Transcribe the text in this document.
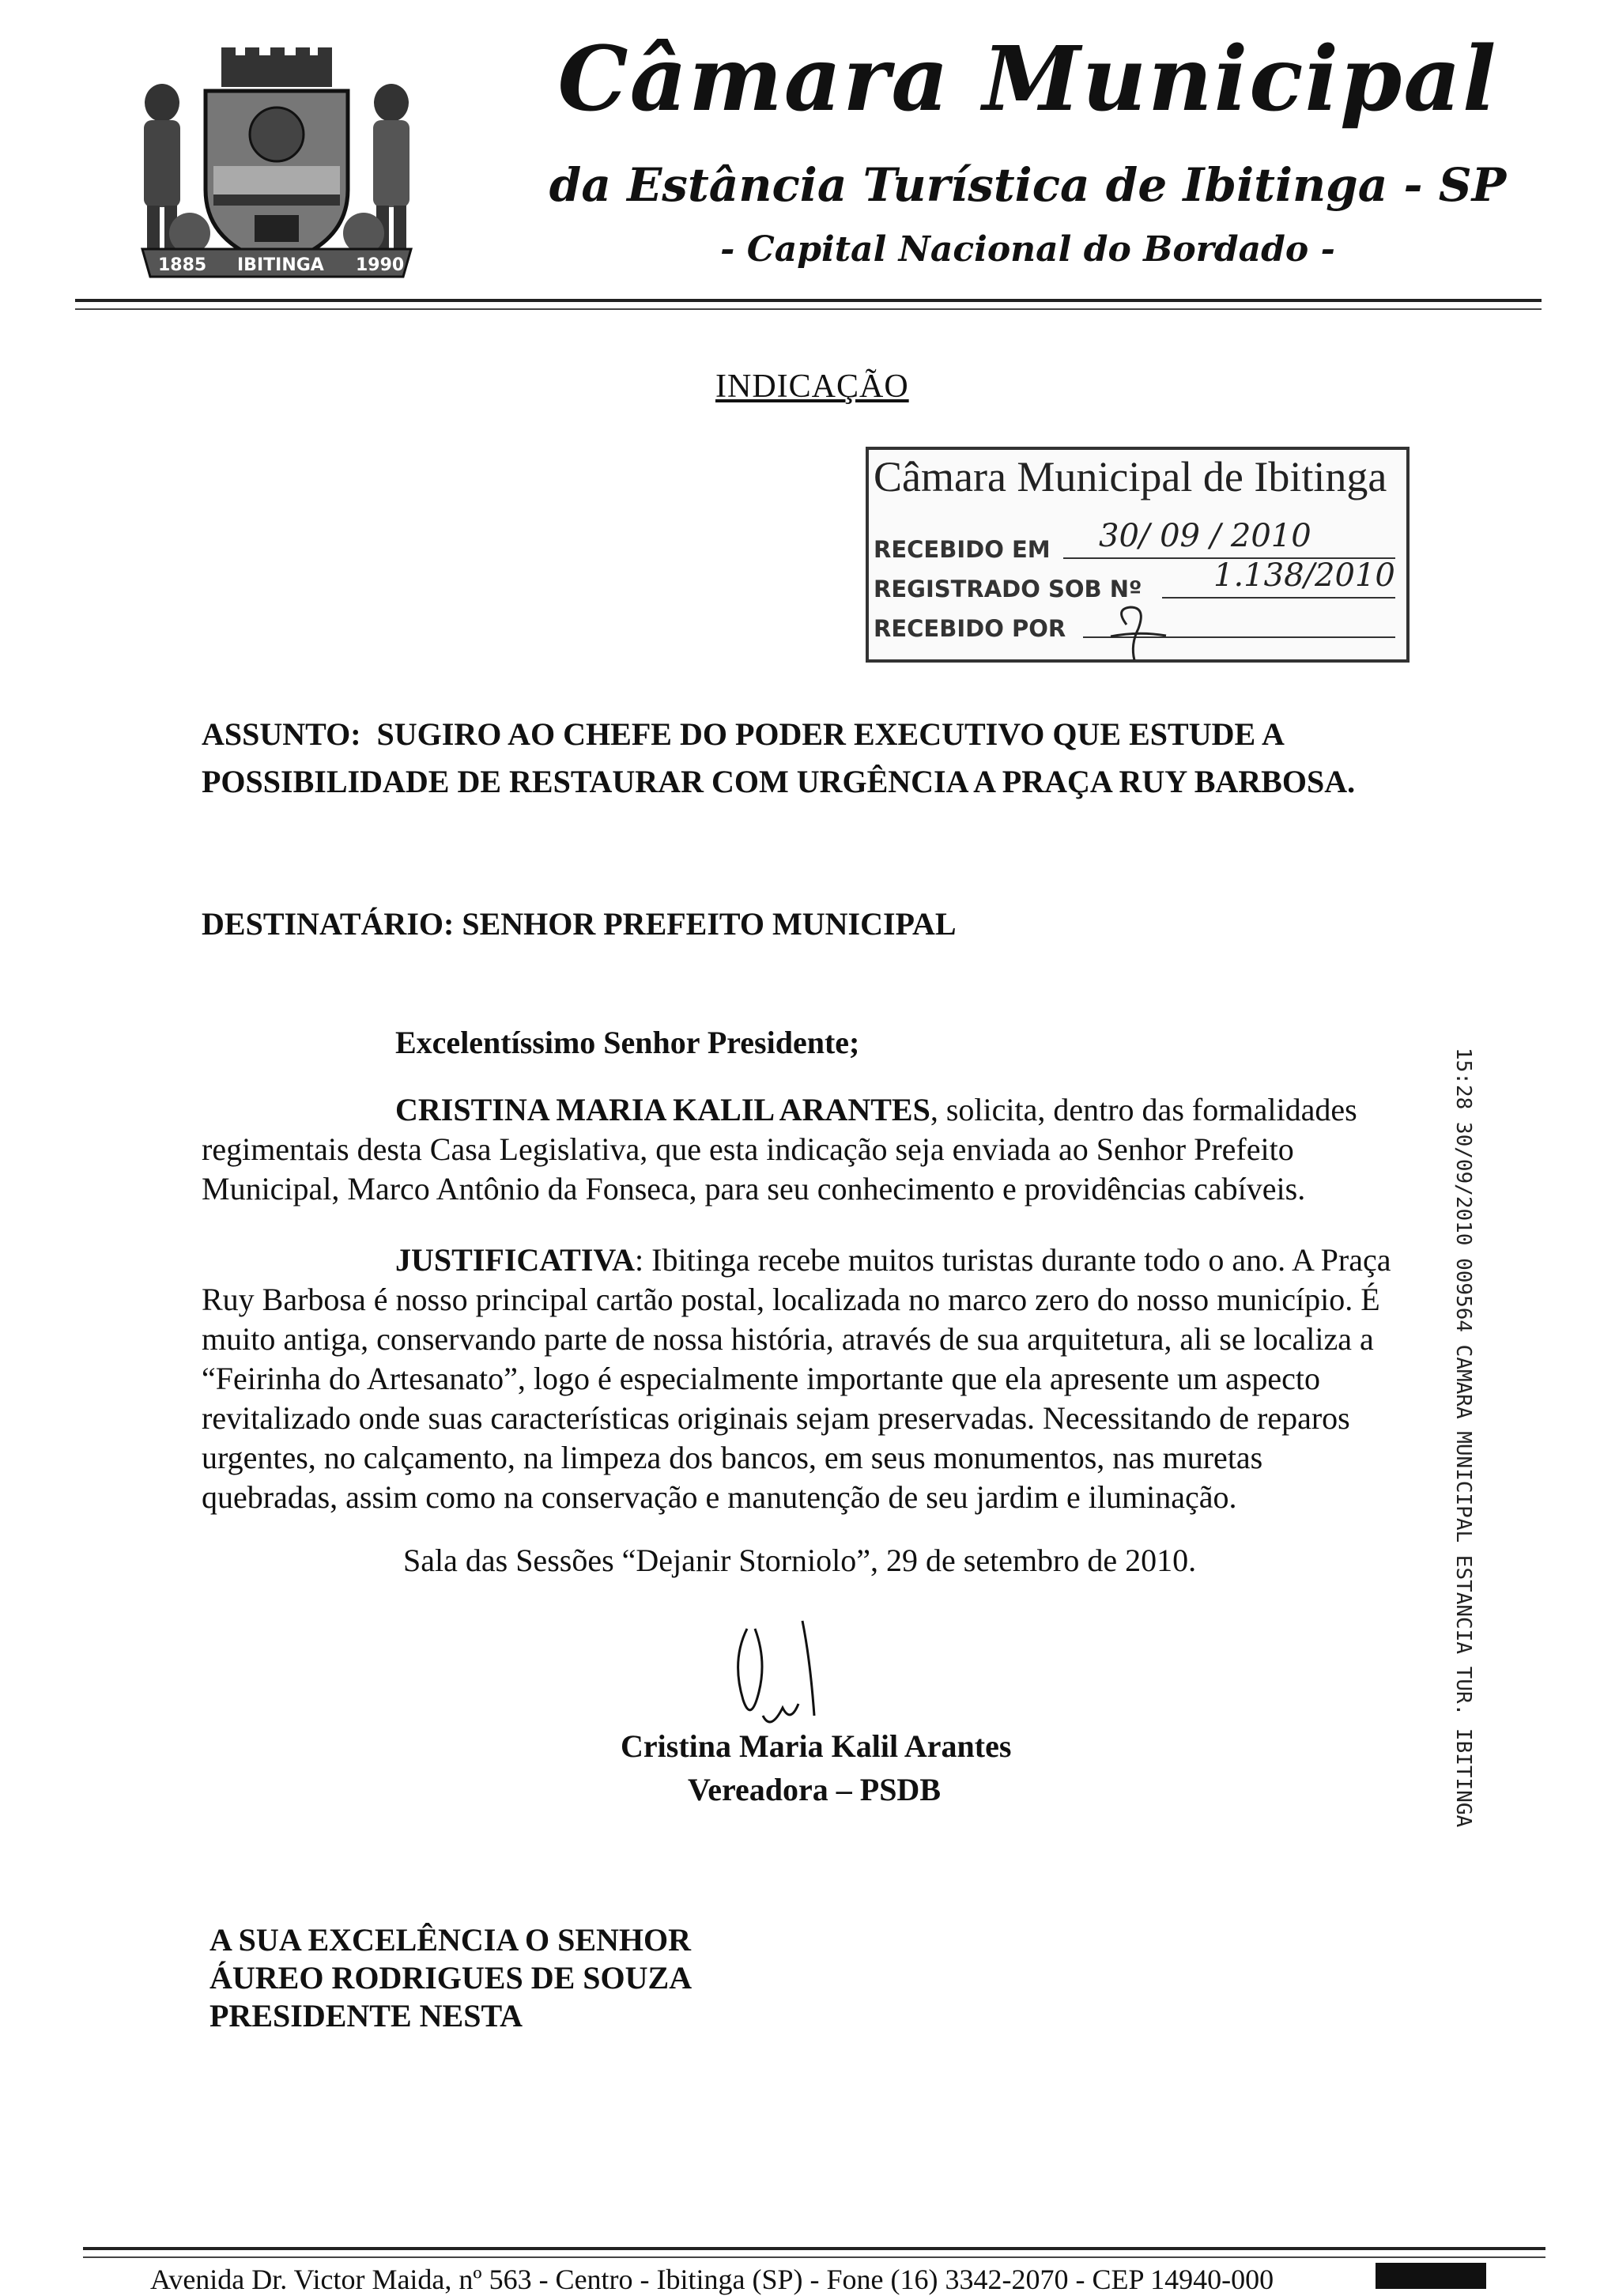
1885 IBITINGA 1990
Câmara Municipal
da Estância Turística de Ibitinga - SP
- Capital Nacional do Bordado -
INDICAÇÃO
Câmara Municipal de Ibitinga
RECEBIDO EM 30/ 09 / 2010
REGISTRADO SOB Nº 1.138/2010
RECEBIDO POR
ASSUNTO: SUGIRO AO CHEFE DO PODER EXECUTIVO QUE ESTUDE A
POSSIBILIDADE DE RESTAURAR COM URGÊNCIA A PRAÇA RUY BARBOSA.
DESTINATÁRIO: SENHOR PREFEITO MUNICIPAL
Excelentíssimo Senhor Presidente;
CRISTINA MARIA KALIL ARANTES, solicita, dentro das formalidades
regimentais desta Casa Legislativa, que esta indicação seja enviada ao Senhor Prefeito
Municipal, Marco Antônio da Fonseca, para seu conhecimento e providências cabíveis.
JUSTIFICATIVA: Ibitinga recebe muitos turistas durante todo o ano. A Praça
Ruy Barbosa é nosso principal cartão postal, localizada no marco zero do nosso município. É
muito antiga, conservando parte de nossa história, através de sua arquitetura, ali se localiza a
“Feirinha do Artesanato”, logo é especialmente importante que ela apresente um aspecto
revitalizado onde suas características originais sejam preservadas. Necessitando de reparos
urgentes, no calçamento, na limpeza dos bancos, em seus monumentos, nas muretas
quebradas, assim como na conservação e manutenção de seu jardim e iluminação.
Sala das Sessões “Dejanir Storniolo”, 29 de setembro de 2010.
Cristina Maria Kalil Arantes
Vereadora – PSDB
A SUA EXCELÊNCIA O SENHOR
ÁUREO RODRIGUES DE SOUZA
PRESIDENTE NESTA
15:28 30/09/2010 009564 CAMARA MUNICIPAL ESTANCIA TUR. IBITINGA
Avenida Dr. Victor Maida, nº 563 - Centro - Ibitinga (SP) - Fone (16) 3342-2070 - CEP 14940-000
